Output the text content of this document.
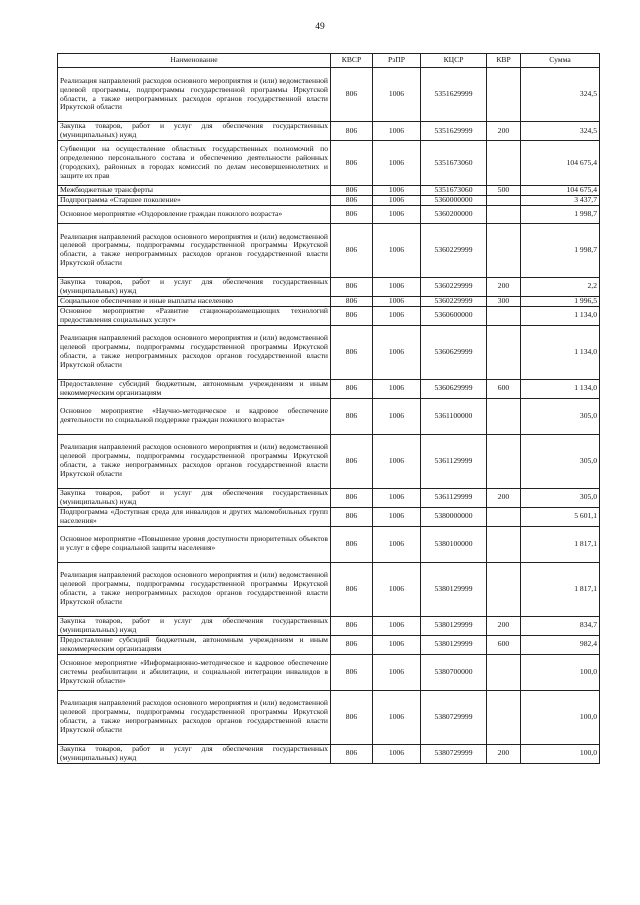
49
Наименование	КВСР	РзПР	КЦСР	КВР	Сумма
Реализация направлений расходов основного мероприятия и (или) ведомственной целевой программы, подпрограммы государственной программы Иркутской области, а также непрограммных расходов органов государственной власти Иркутской области	806	1006	5351629999		324,5
Закупка товаров, работ и услуг для обеспечения государственных (муниципальных) нужд	806	1006	5351629999	200	324,5
Субвенции на осуществление областных государственных полномочий по определению персонального состава и обеспечению деятельности районных (городских), районных в городах комиссий по делам несовершеннолетних и защите их прав	806	1006	5351673060		104 675,4
Межбюджетные трансферты	806	1006	5351673060	500	104 675,4
Подпрограмма «Старшее поколение»	806	1006	5360000000		3 437,7
Основное мероприятие «Оздоровление граждан пожилого возраста»	806	1006	5360200000		1 998,7
Реализация направлений расходов основного мероприятия и (или) ведомственной целевой программы, подпрограммы государственной программы Иркутской области, а также непрограммных расходов органов государственной власти Иркутской области	806	1006	5360229999		1 998,7
Закупка товаров, работ и услуг для обеспечения государственных (муниципальных) нужд	806	1006	5360229999	200	2,2
Социальное обеспечение и иные выплаты населению	806	1006	5360229999	300	1 996,5
Основное мероприятие «Развитие стационарозамещающих технологий предоставления социальных услуг»	806	1006	5360600000		1 134,0
Реализация направлений расходов основного мероприятия и (или) ведомственной целевой программы, подпрограммы государственной программы Иркутской области, а также непрограммных расходов органов государственной власти Иркутской области	806	1006	5360629999		1 134,0
Предоставление субсидий бюджетным, автономным учреждениям и иным некоммерческим организациям	806	1006	5360629999	600	1 134,0
Основное мероприятие «Научно-методическое и кадровое обеспечение деятельности по социальной поддержке граждан пожилого возраста»	806	1006	5361100000		305,0
Реализация направлений расходов основного мероприятия и (или) ведомственной целевой программы, подпрограммы государственной программы Иркутской области, а также непрограммных расходов органов государственной власти Иркутской области	806	1006	5361129999		305,0
Закупка товаров, работ и услуг для обеспечения государственных (муниципальных) нужд	806	1006	5361129999	200	305,0
Подпрограмма «Доступная среда для инвалидов и других маломобильных групп населения»	806	1006	5380000000		5 601,1
Основное мероприятие «Повышение уровня доступности приоритетных объектов и услуг в сфере социальной защиты населения»	806	1006	5380100000		1 817,1
Реализация направлений расходов основного мероприятия и (или) ведомственной целевой программы, подпрограммы государственной программы Иркутской области, а также непрограммных расходов органов государственной власти Иркутской области	806	1006	5380129999		1 817,1
Закупка товаров, работ и услуг для обеспечения государственных (муниципальных) нужд	806	1006	5380129999	200	834,7
Предоставление субсидий бюджетным, автономным учреждениям и иным некоммерческим организациям	806	1006	5380129999	600	982,4
Основное мероприятие «Информационно-методическое и кадровое обеспечение системы реабилитации и абилитации, и социальной интеграции инвалидов в Иркутской области»	806	1006	5380700000		100,0
Реализация направлений расходов основного мероприятия и (или) ведомственной целевой программы, подпрограммы государственной программы Иркутской области, а также непрограммных расходов органов государственной власти Иркутской области	806	1006	5380729999		100,0
Закупка товаров, работ и услуг для обеспечения государственных (муниципальных) нужд	806	1006	5380729999	200	100,0
